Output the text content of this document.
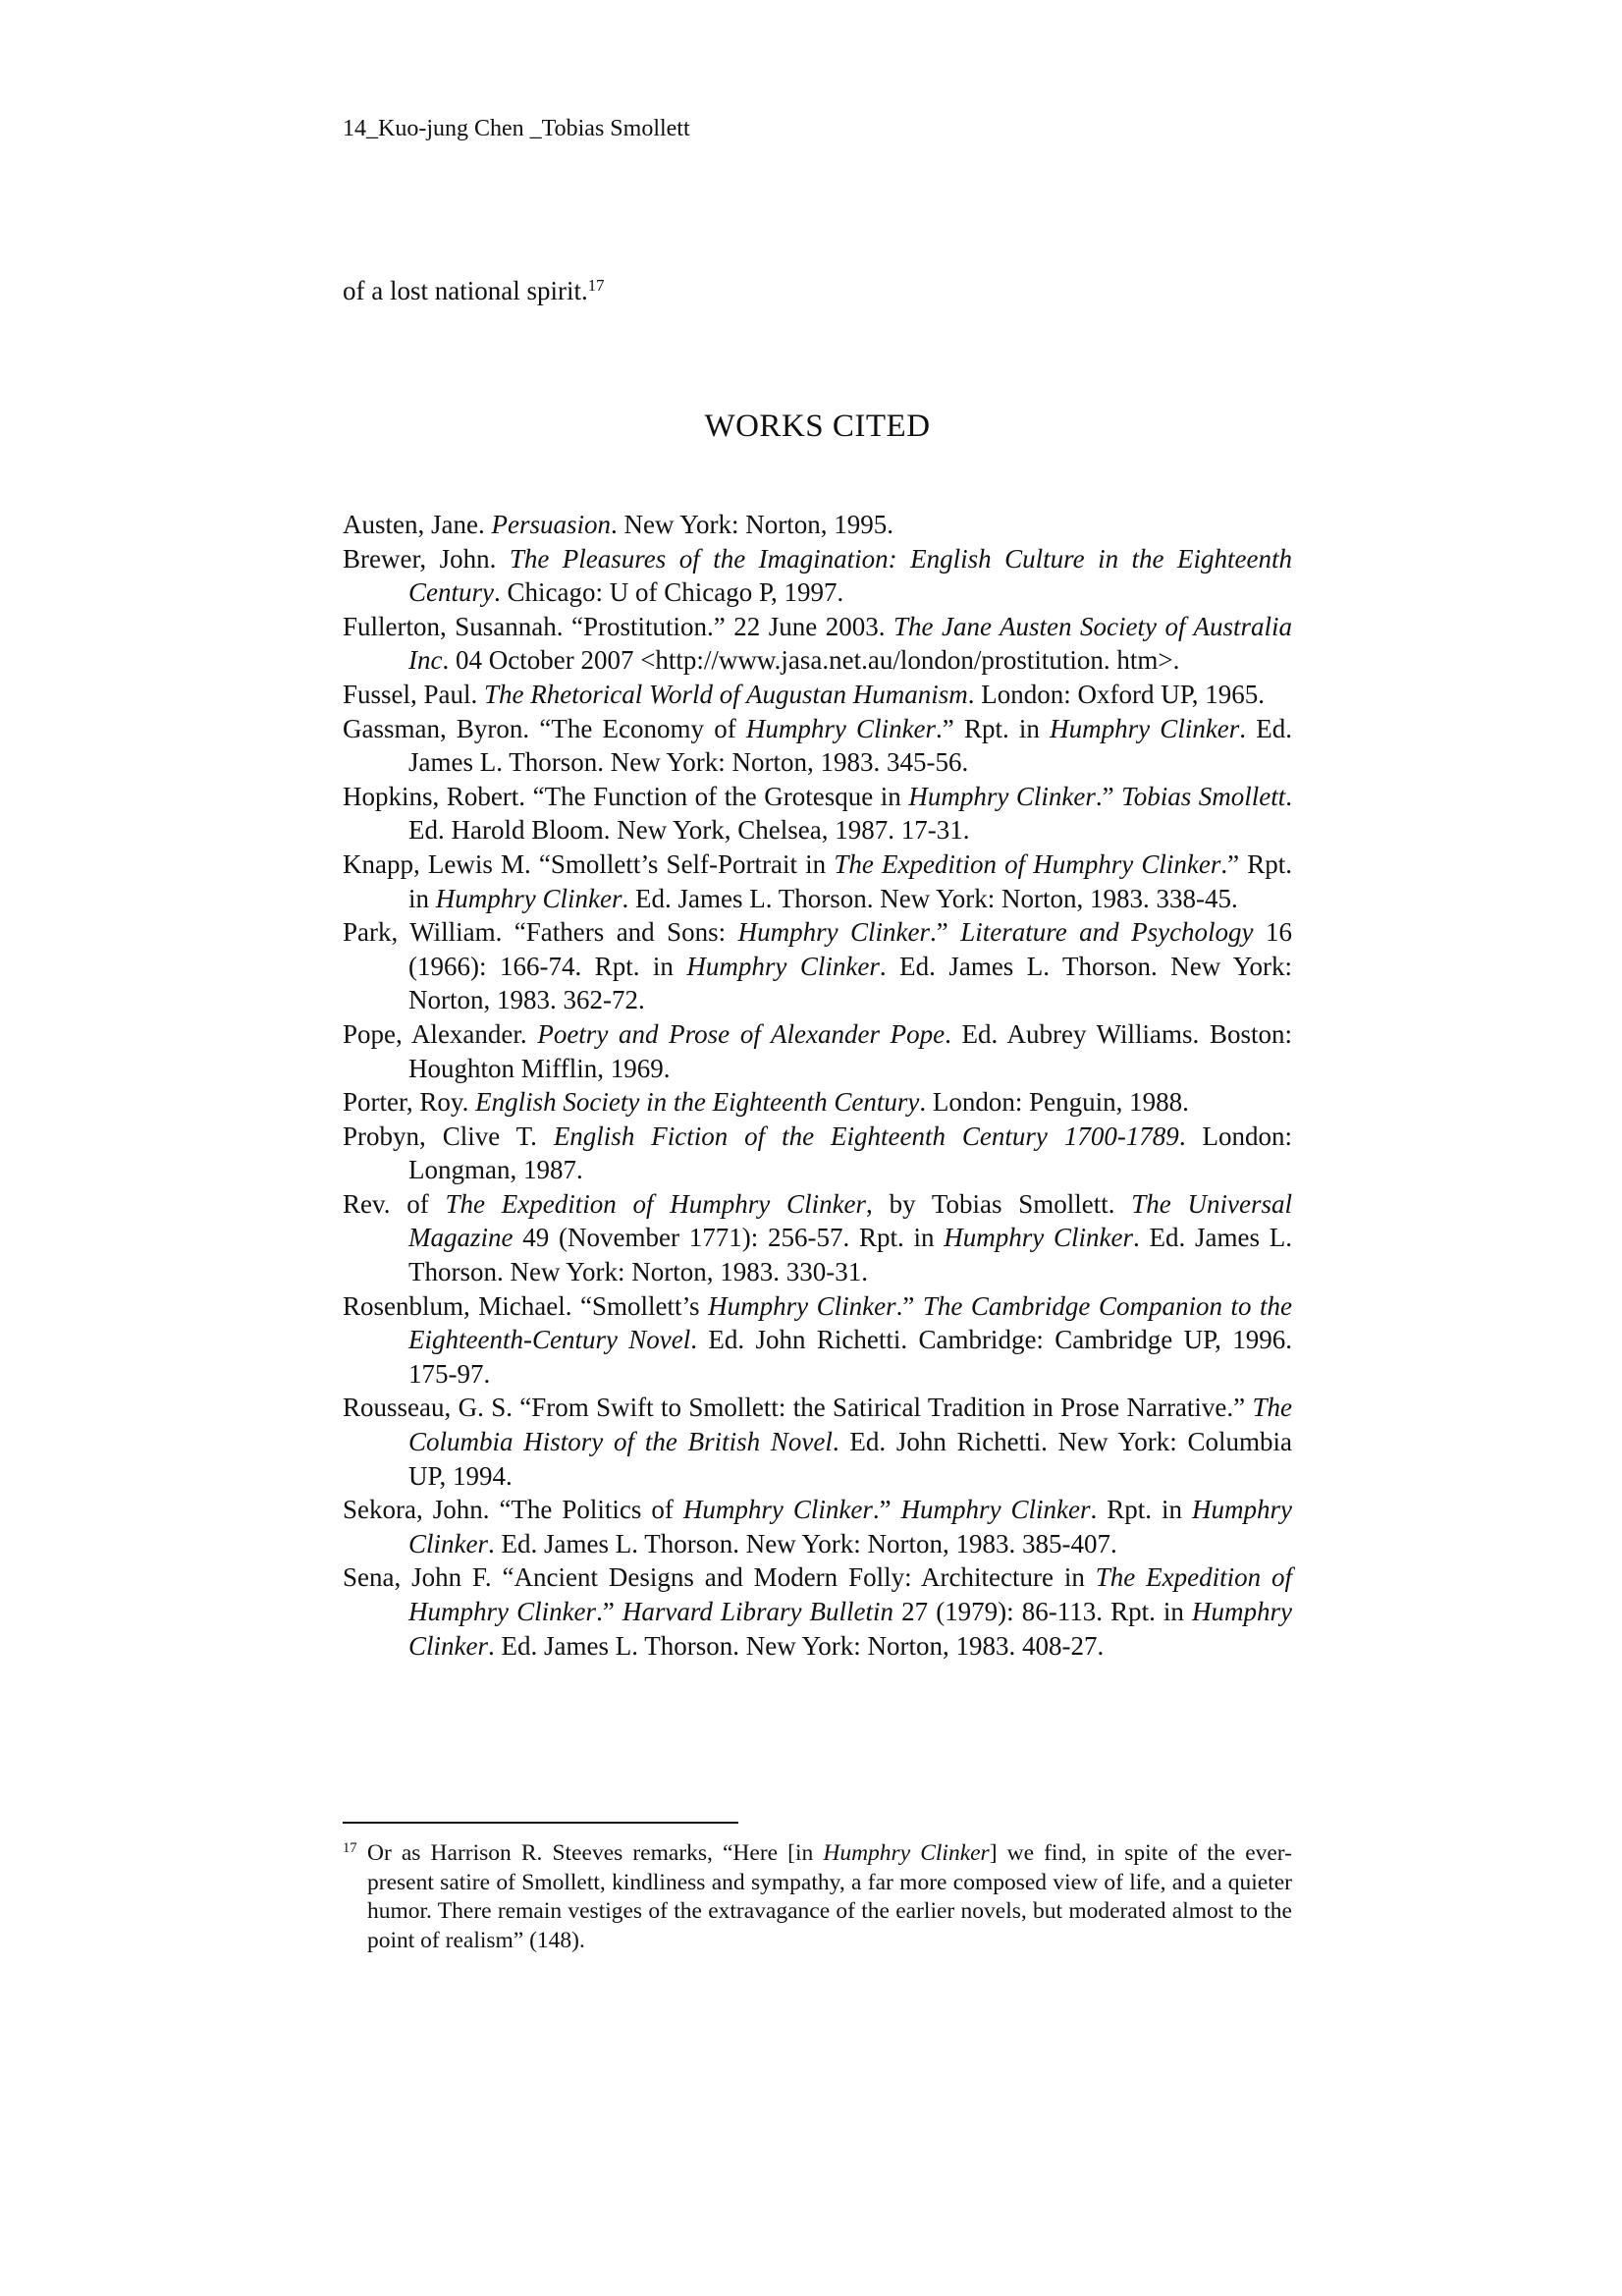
14_Kuo-jung Chen _Tobias Smollett
of a lost national spirit.$^{17}$
WORKS CITED
Austen, Jane. Persuasion. New York: Norton, 1995.
Brewer, John. The Pleasures of the Imagination: English Culture in the Eighteenth Century. Chicago: U of Chicago P, 1997.
Fullerton, Susannah. “Prostitution.” 22 June 2003. The Jane Austen Society of Australia Inc. 04 October 2007 <http://www.jasa.net.au/london/prostitution. htm>.
Fussel, Paul. The Rhetorical World of Augustan Humanism. London: Oxford UP, 1965.
Gassman, Byron. “The Economy of Humphry Clinker.” Rpt. in Humphry Clinker. Ed. James L. Thorson. New York: Norton, 1983. 345-56.
Hopkins, Robert. “The Function of the Grotesque in Humphry Clinker.” Tobias Smollett. Ed. Harold Bloom. New York, Chelsea, 1987. 17-31.
Knapp, Lewis M. “Smollett’s Self-Portrait in The Expedition of Humphry Clinker.” Rpt. in Humphry Clinker. Ed. James L. Thorson. New York: Norton, 1983. 338-45.
Park, William. “Fathers and Sons: Humphry Clinker.” Literature and Psychology 16 (1966): 166-74. Rpt. in Humphry Clinker. Ed. James L. Thorson. New York: Norton, 1983. 362-72.
Pope, Alexander. Poetry and Prose of Alexander Pope. Ed. Aubrey Williams. Boston: Houghton Mifflin, 1969.
Porter, Roy. English Society in the Eighteenth Century. London: Penguin, 1988.
Probyn, Clive T. English Fiction of the Eighteenth Century 1700-1789. London: Longman, 1987.
Rev. of The Expedition of Humphry Clinker, by Tobias Smollett. The Universal Magazine 49 (November 1771): 256-57. Rpt. in Humphry Clinker. Ed. James L. Thorson. New York: Norton, 1983. 330-31.
Rosenblum, Michael. “Smollett’s Humphry Clinker.” The Cambridge Companion to the Eighteenth-Century Novel. Ed. John Richetti. Cambridge: Cambridge UP, 1996. 175-97.
Rousseau, G. S. “From Swift to Smollett: the Satirical Tradition in Prose Narrative.” The Columbia History of the British Novel. Ed. John Richetti. New York: Columbia UP, 1994.
Sekora, John. “The Politics of Humphry Clinker.” Humphry Clinker. Rpt. in Humphry Clinker. Ed. James L. Thorson. New York: Norton, 1983. 385-407.
Sena, John F. “Ancient Designs and Modern Folly: Architecture in The Expedition of Humphry Clinker.” Harvard Library Bulletin 27 (1979): 86-113. Rpt. in Humphry Clinker. Ed. James L. Thorson. New York: Norton, 1983. 408-27.

$^{17}$ Or as Harrison R. Steeves remarks, “Here [in Humphry Clinker] we find, in spite of the ever-present satire of Smollett, kindliness and sympathy, a far more composed view of life, and a quieter humor. There remain vestiges of the extravagance of the earlier novels, but moderated almost to the point of realism” (148).
